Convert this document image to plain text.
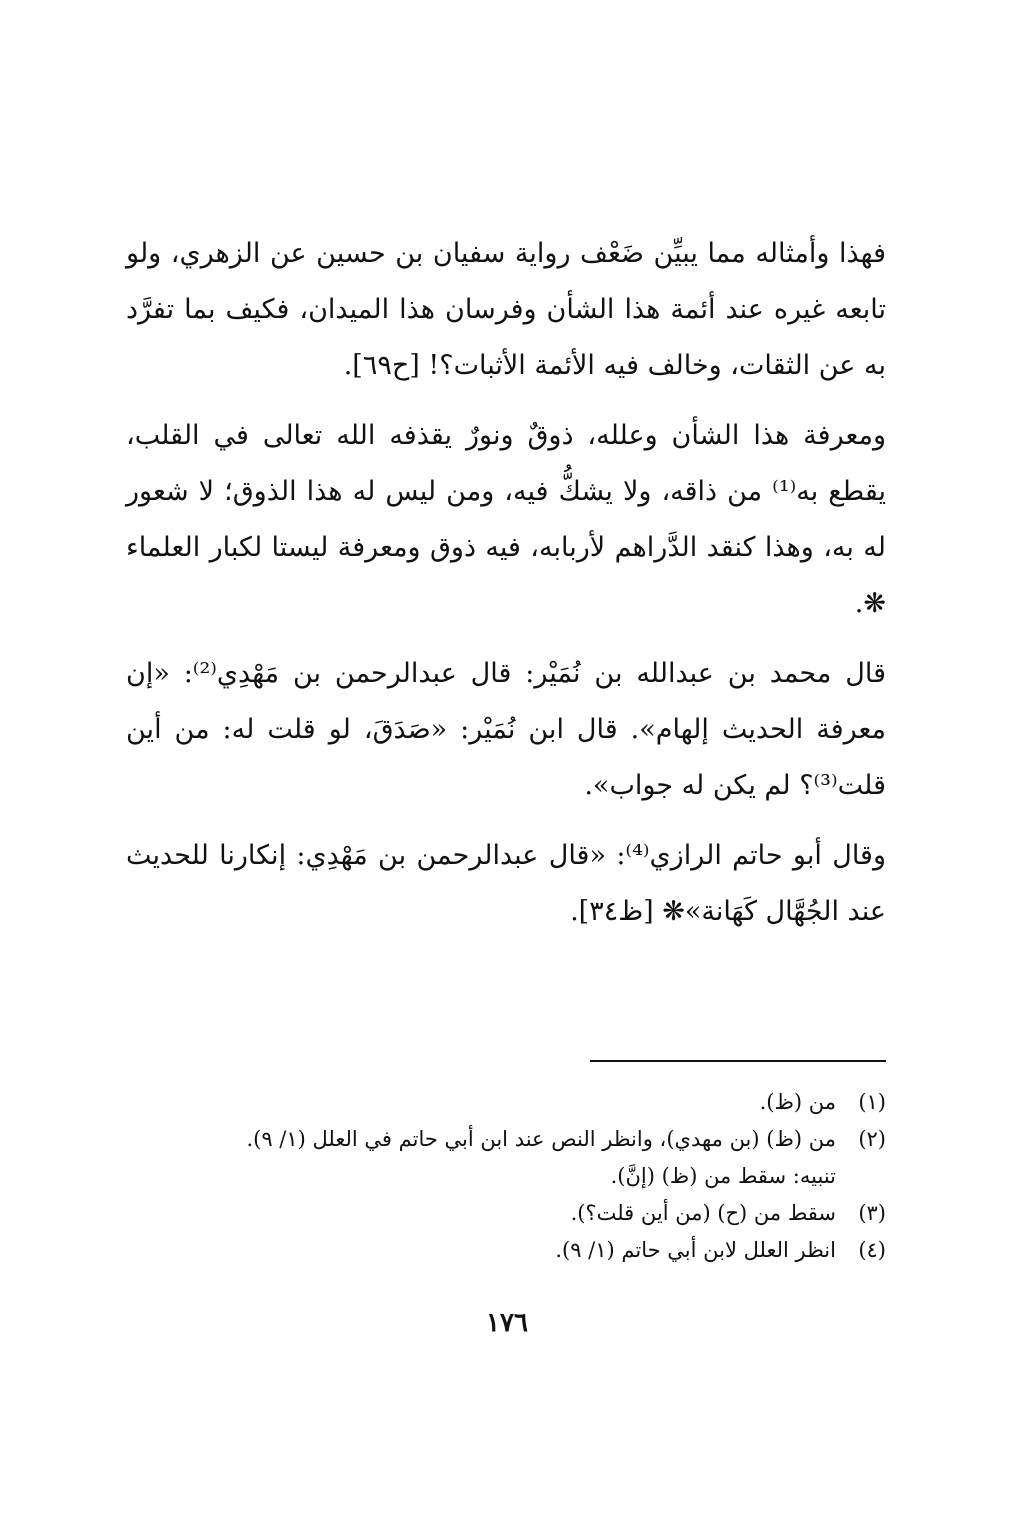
فهذا وأمثاله مما يبيِّن ضَعْف رواية سفيان بن حسين عن الزهري، ولو تابعه غيره عند أئمة هذا الشأن وفرسان هذا الميدان، فكيف بما تفرَّد به عن الثقات، وخالف فيه الأئمة الأثبات؟! [ح٦٩].

ومعرفة هذا الشأن وعلله، ذوقٌ ونورٌ يقذفه الله تعالى في القلب، يقطع به⁽¹⁾ من ذاقه، ولا يشكُّ فيه، ومن ليس له هذا الذوق؛ لا شعور له به، وهذا كنقد الدَّراهم لأربابه، فيه ذوق ومعرفة ليستا لكبار العلماء ❋.

قال محمد بن عبدالله بن نُمَيْر: قال عبدالرحمن بن مَهْدِي⁽²⁾: «إن معرفة الحديث إلهام». قال ابن نُمَيْر: «صَدَقَ، لو قلت له: من أين قلت⁽³⁾؟ لم يكن له جواب».

وقال أبو حاتم الرازي⁽⁴⁾: «قال عبدالرحمن بن مَهْدِي: إنكارنا للحديث عند الجُهَّال كَهَانة»❋ [ظ٣٤].

(١)
من (ظ).
(٢)
من (ظ) (بن مهدي)، وانظر النص عند ابن أبي حاتم في العلل (١/ ٩).
تنبيه: سقط من (ظ) (إنَّ).
(٣)
سقط من (ح) (من أين قلت؟).
(٤)
انظر العلل لابن أبي حاتم (١/ ٩).
١٧٦
